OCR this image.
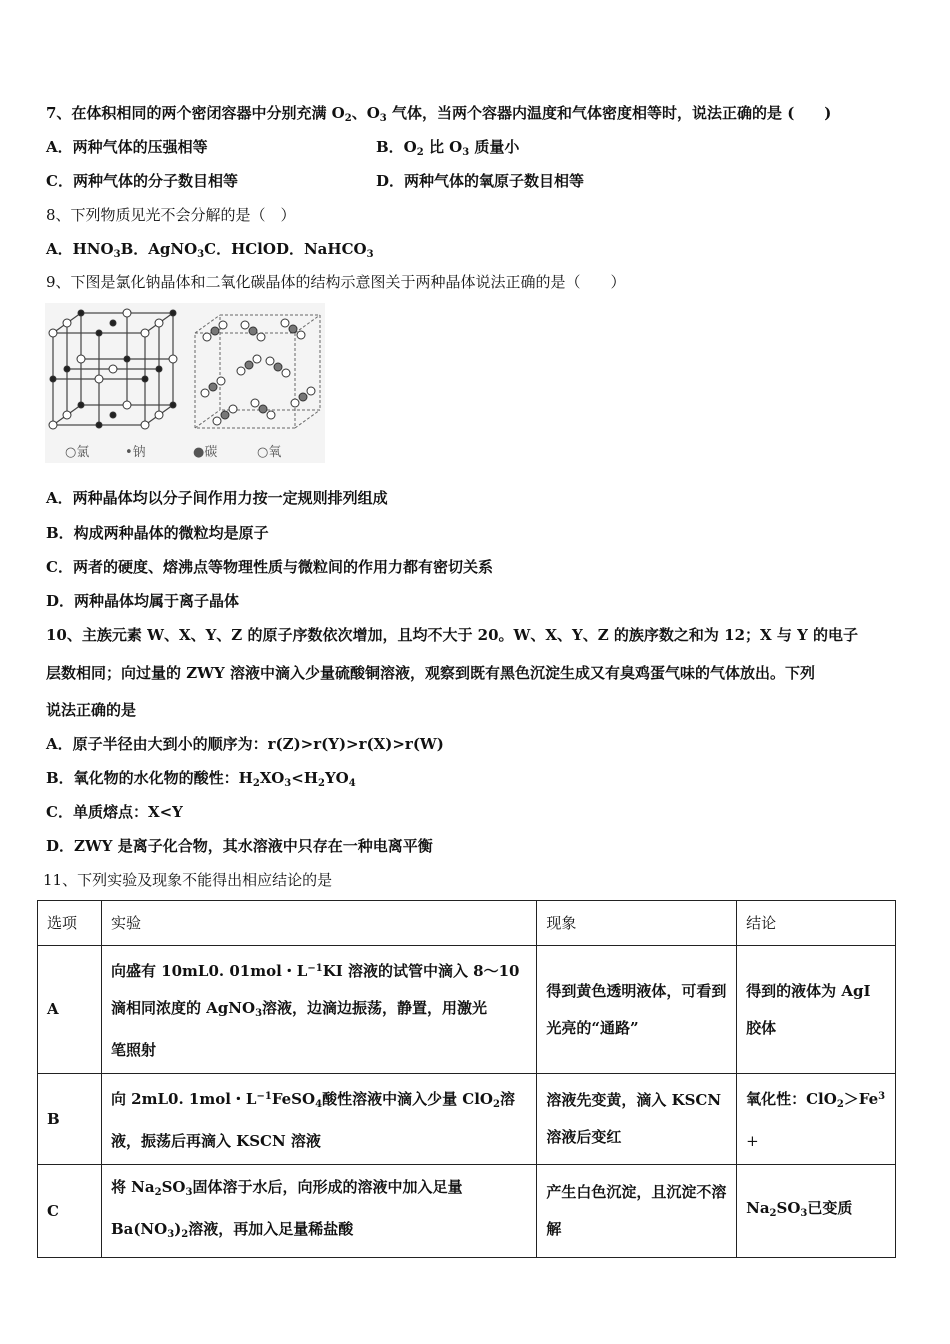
7、在体积相同的两个密闭容器中分别充满 $O_2$、$O_3$ 气体，当两个容器内温度和气体密度相等时，说法正确的是 (　　)
A．两种气体的压强相等	B．$O_2$ 比 $O_3$ 质量小
C．两种气体的分子数目相等	D．两种气体的氧原子数目相等
8、下列物质见光不会分解的是（　）
A．$HNO_3B$．AgNO$_3$C．HClOD．NaHCO$_3$
9、下图是氯化钠晶体和二氧化碳晶体的结构示意图关于两种晶体说法正确的是（　　）
○氯	•钠	●碳	○氧
A．两种晶体均以分子间作用力按一定规则排列组成
B．构成两种晶体的微粒均是原子
C．两者的硬度、熔沸点等物理性质与微粒间的作用力都有密切关系
D．两种晶体均属于离子晶体
10、主族元素 W、X、Y、Z 的原子序数依次增加，且均不大于 20。W、X、Y、Z 的族序数之和为 12；X 与 Y 的电子
层数相同；向过量的 ZWY 溶液中滴入少量硫酸铜溶液，观察到既有黑色沉淀生成又有臭鸡蛋气味的气体放出。下列
说法正确的是
A．原子半径由大到小的顺序为：r(Z)>r(Y)>r(X)>r(W)
B．氧化物的水化物的酸性：$H_2XO_3<H_2YO_4$
C．单质熔点：X<Y
D．ZWY 是离子化合物，其水溶液中只存在一种电离平衡
11、下列实验及现象不能得出相应结论的是
选项	实验	现象	结论
A	向盛有 10mL0. 01mol・$L^{-1}KI$ 溶液的试管中滴入 8～10
滴相同浓度的 AgNO$_3$溶液，边滴边振荡，静置，用激光
笔照射	得到黄色透明液体，可看到光亮的“通路”	得到的液体为 AgI 胶体
B	向 2mL0. 1mol・$L^{-1}FeSO_4$酸性溶液中滴入少量 ClO$_2$溶
液，振荡后再滴入 KSCN 溶液	溶液先变黄，滴入 KSCN 溶液后变红	氧化性：$ClO_2>Fe^3$
+
C	将 $Na_2SO_3$固体溶于水后，向形成的溶液中加入足量
$Ba(NO_3)_2$溶液，再加入足量稀盐酸	产生白色沉淀，且沉淀不溶解	$Na_2SO_3$已变质
